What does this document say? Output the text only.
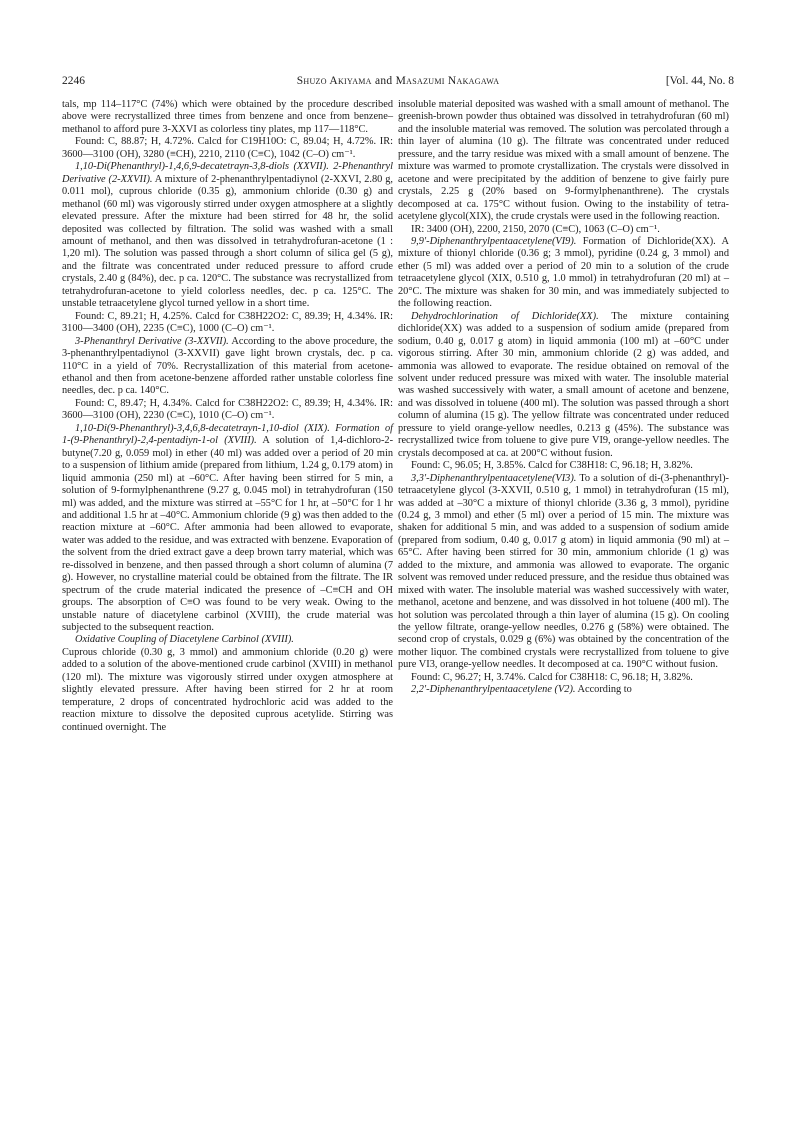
2246	Shuzo Akiyama and Masazumi Nakagawa	[Vol. 44, No. 8

tals, mp 114–117°C (74%) which were obtained by the procedure described above were recrystallized three times from benzene and once from benzene–methanol to afford pure 3-XXVI as colorless tiny plates, mp 117—118°C.

Found: C, 88.87; H, 4.72%. Calcd for C19H10O: C, 89.04; H, 4.72%. IR: 3600—3100 (OH), 3280 (≡CH), 2210, 2110 (C≡C), 1042 (C–O) cm⁻¹.

1,10-Di(Phenanthryl)-1,4,6,9-decatetrayn-3,8-diols (XXVII). 2-Phenanthryl Derivative (2-XXVII). A mixture of 2-phenanthrylpentadiynol (2-XXVI, 2.80 g, 0.011 mol), cuprous chloride (0.35 g), ammonium chloride (0.30 g) and methanol (60 ml) was vigorously stirred under oxygen atmosphere at a slightly elevated pressure. After the mixture had been stirred for 48 hr, the solid deposited was collected by filtration. The solid was washed with a small amount of methanol, and then was dissolved in tetrahydrofuran-acetone (1 : 1,20 ml). The solution was passed through a short column of silica gel (5 g), and the filtrate was concentrated under reduced pressure to afford crude crystals, 2.40 g (84%), dec. p ca. 120°C. The substance was recrystallized from tetrahydrofuran-acetone to yield colorless needles, dec. p ca. 125°C. The unstable tetraacetylene glycol turned yellow in a short time.

Found: C, 89.21; H, 4.25%. Calcd for C38H22O2: C, 89.39; H, 4.34%. IR: 3100—3400 (OH), 2235 (C≡C), 1000 (C–O) cm⁻¹.

3-Phenanthryl Derivative (3-XXVII). According to the above procedure, the 3-phenanthrylpentadiynol (3-XXVII) gave light brown crystals, dec. p ca. 110°C in a yield of 70%. Recrystallization of this material from acetone-ethanol and then from acetone-benzene afforded rather unstable colorless fine needles, dec. p ca. 140°C.

Found: C, 89.47; H, 4.34%. Calcd for C38H22O2: C, 89.39; H, 4.34%. IR: 3600—3100 (OH), 2230 (C≡C), 1010 (C–O) cm⁻¹.

1,10-Di(9-Phenanthryl)-3,4,6,8-decatetrayn-1,10-diol (XIX). Formation of 1-(9-Phenanthryl)-2,4-pentadiyn-1-ol (XVIII). A solution of 1,4-dichloro-2-butyne(7.20 g, 0.059 mol) in ether (40 ml) was added over a period of 20 min to a suspension of lithium amide (prepared from lithium, 1.24 g, 0.179 atom) in liquid ammonia (250 ml) at –60°C. After having been stirred for 5 min, a solution of 9-formylphenanthrene (9.27 g, 0.045 mol) in tetrahydrofuran (150 ml) was added, and the mixture was stirred at –55°C for 1 hr, at –50°C for 1 hr and additional 1.5 hr at –40°C. Ammonium chloride (9 g) was then added to the reaction mixture at –60°C. After ammonia had been allowed to evaporate, water was added to the residue, and was extracted with benzene. Evaporation of the solvent from the dried extract gave a deep brown tarry material, which was re-dissolved in benzene, and then passed through a short column of alumina (7 g). However, no crystalline material could be obtained from the filtrate. The IR spectrum of the crude material indicated the presence of –C≡CH and OH groups. The absorption of C≡O was found to be very weak. Owing to the unstable nature of diacetylene carbinol (XVIII), the crude material was subjected to the subsequent reaction.

Oxidative Coupling of Diacetylene Carbinol (XVIII).

Cuprous chloride (0.30 g, 3 mmol) and ammonium chloride (0.20 g) were added to a solution of the above-mentioned crude carbinol (XVIII) in methanol (120 ml). The mixture was vigorously stirred under oxygen atmosphere at slightly elevated pressure. After having been stirred for 2 hr at room temperature, 2 drops of concentrated hydrochloric acid was added to the reaction mixture to dissolve the deposited cuprous acetylide. Stirring was continued overnight. The

insoluble material deposited was washed with a small amount of methanol. The greenish-brown powder thus obtained was dissolved in tetrahydrofuran (60 ml) and the insoluble material was removed. The solution was percolated through a thin layer of alumina (10 g). The filtrate was concentrated under reduced pressure, and the tarry residue was mixed with a small amount of benzene. The mixture was warmed to promote crystallization. The crystals were dissolved in acetone and were precipitated by the addition of benzene to give fairly pure crystals, 2.25 g (20% based on 9-formylphenanthrene). The crystals decomposed at ca. 175°C without fusion. Owing to the instability of tetra-acetylene glycol(XIX), the crude crystals were used in the following reaction.

IR: 3400 (OH), 2200, 2150, 2070 (C≡C), 1063 (C–O) cm⁻¹.

9,9'-Diphenanthrylpentaacetylene(VI9). Formation of Dichloride(XX). A mixture of thionyl chloride (0.36 g; 3 mmol), pyridine (0.24 g, 3 mmol) and ether (5 ml) was added over a period of 20 min to a solution of the crude tetraacetylene glycol (XIX, 0.510 g, 1.0 mmol) in tetrahydrofuran (20 ml) at –20°C. The mixture was shaken for 30 min, and was immediately subjected to the following reaction.

Dehydrochlorination of Dichloride(XX). The mixture containing dichloride(XX) was added to a suspension of sodium amide (prepared from sodium, 0.40 g, 0.017 g atom) in liquid ammonia (100 ml) at –60°C under vigorous stirring. After 30 min, ammonium chloride (2 g) was added, and ammonia was allowed to evaporate. The residue obtained on removal of the solvent under reduced pressure was mixed with water. The insoluble material was washed successively with water, a small amount of acetone and benzene, and was dissolved in toluene (400 ml). The solution was passed through a short column of alumina (15 g). The yellow filtrate was concentrated under reduced pressure to yield orange-yellow needles, 0.213 g (45%). The substance was recrystallized twice from toluene to give pure VI9, orange-yellow needles. The crystals decomposed at ca. at 200°C without fusion.

Found: C, 96.05; H, 3.85%. Calcd for C38H18: C, 96.18; H, 3.82%.

3,3'-Diphenanthrylpentaacetylene(VI3). To a solution of di-(3-phenanthryl)-tetraacetylene glycol (3-XXVII, 0.510 g, 1 mmol) in tetrahydrofuran (15 ml), was added at –30°C a mixture of thionyl chloride (3.36 g, 3 mmol), pyridine (0.24 g, 3 mmol) and ether (5 ml) over a period of 15 min. The mixture was shaken for additional 5 min, and was added to a suspension of sodium amide (prepared from sodium, 0.40 g, 0.017 g atom) in liquid ammonia (90 ml) at –65°C. After having been stirred for 30 min, ammonium chloride (1 g) was added to the mixture, and ammonia was allowed to evaporate. The organic solvent was removed under reduced pressure, and the residue thus obtained was mixed with water. The insoluble material was washed successively with water, methanol, acetone and benzene, and was dissolved in hot toluene (400 ml). The hot solution was percolated through a thin layer of alumina (15 g). On cooling the yellow filtrate, orange-yellow needles, 0.276 g (58%) were obtained. The second crop of crystals, 0.029 g (6%) was obtained by the concentration of the mother liquor. The combined crystals were recrystallized from toluene to give pure VI3, orange-yellow needles. It decomposed at ca. 190°C without fusion.

Found: C, 96.27; H, 3.74%. Calcd for C38H18: C, 96.18; H, 3.82%.

2,2'-Diphenanthrylpentaacetylene (V2). According to
